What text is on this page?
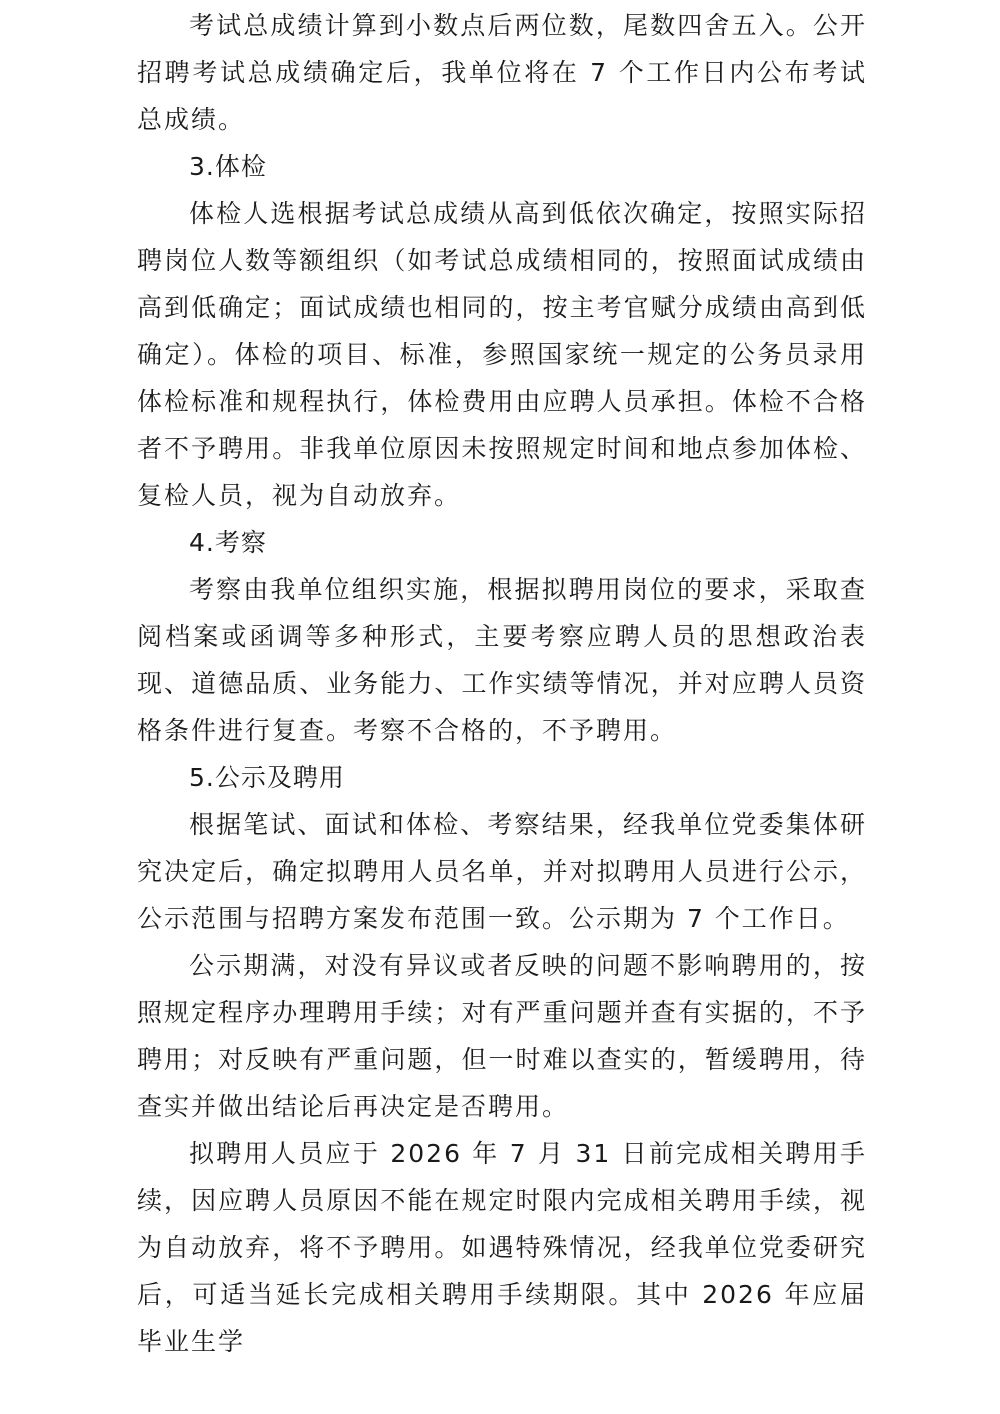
考试总成绩计算到小数点后两位数，尾数四舍五入。公开招聘考试总成绩确定后，我单位将在 7 个工作日内公布考试总成绩。

3.体检

体检人选根据考试总成绩从高到低依次确定，按照实际招聘岗位人数等额组织（如考试总成绩相同的，按照面试成绩由高到低确定；面试成绩也相同的，按主考官赋分成绩由高到低确定）。体检的项目、标准，参照国家统一规定的公务员录用体检标准和规程执行，体检费用由应聘人员承担。体检不合格者不予聘用。非我单位原因未按照规定时间和地点参加体检、复检人员，视为自动放弃。

4.考察

考察由我单位组织实施，根据拟聘用岗位的要求，采取查阅档案或函调等多种形式，主要考察应聘人员的思想政治表现、道德品质、业务能力、工作实绩等情况，并对应聘人员资格条件进行复查。考察不合格的，不予聘用。

5.公示及聘用

根据笔试、面试和体检、考察结果，经我单位党委集体研究决定后，确定拟聘用人员名单，并对拟聘用人员进行公示，公示范围与招聘方案发布范围一致。公示期为 7 个工作日。

公示期满，对没有异议或者反映的问题不影响聘用的，按照规定程序办理聘用手续；对有严重问题并查有实据的，不予聘用；对反映有严重问题，但一时难以查实的，暂缓聘用，待查实并做出结论后再决定是否聘用。

拟聘用人员应于 2026 年 7 月 31 日前完成相关聘用手续，因应聘人员原因不能在规定时限内完成相关聘用手续，视为自动放弃，将不予聘用。如遇特殊情况，经我单位党委研究后，可适当延长完成相关聘用手续期限。其中 2026 年应届毕业生学
